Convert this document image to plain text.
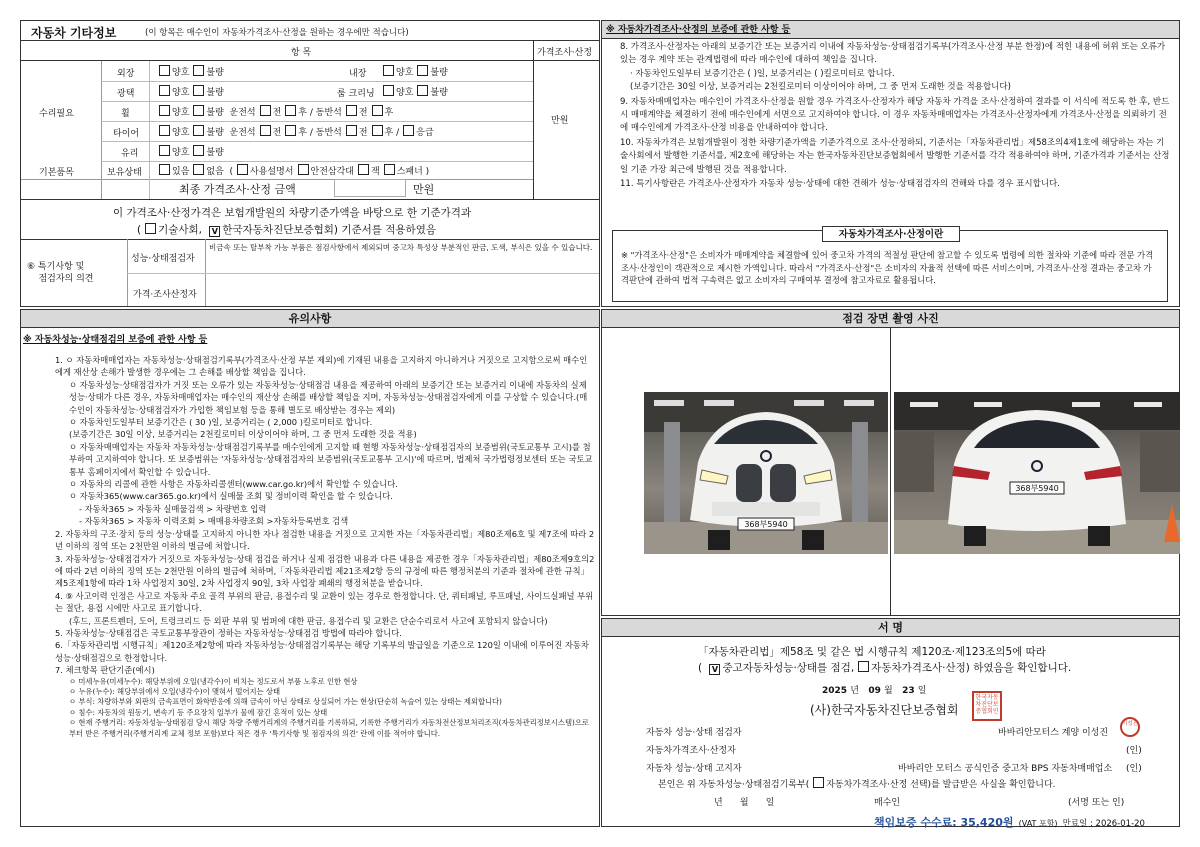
자동차 기타정보	(이 항목은 매수인이 자동차가격조사·산정을 원하는 경우에만 적습니다)
항 목	가격조사·산정
수리필요
만원
외장	양호 불량	내장	양호 불량
광택	양호 불량	룸 크리닝	양호 불량
휠	양호 불량  운전석 전 후 / 동반석 전 후
타이어	양호 불량  운전석 전 후 / 동반석 전 후 / 응급
유리	양호 불량
기본품목	보유상태	있음 없음  ( 사용설명서 안전삼각대 잭 스패너 )
최종 가격조사·산정 금액	만원
이 가격조사·산정가격은 보험개발원의 차량기준가액을 바탕으로 한 기준가격과
( 기술사회, V 한국자동차진단보증협회) 기준서를 적용하였음
⑥ 특기사항 및
점검자의 의견
성능·상태점검자
비금속 또는 탈부착 가능 부품은 점검사항에서 제외되며 중고차 특성상 부분적인 판금, 도색, 부식은 있을 수 있습니다.
가격·조사산정자
※ 자동차가격조사·산정의 보증에 관한 사항 등

8. 가격조사·산정자는 아래의 보증기간 또는 보증거리 이내에 자동차성능·상태점검기록부(가격조사·산정 부분 한정)에 적힌 내용에 허위 또는 오류가 있는 경우 계약 또는 관계법령에 따라 매수인에 대하여 책임을 집니다.

· 자동차인도일부터 보증기간은 ( )일, 보증거리는 ( )킬로미터로 합니다.

(보증기간은 30일 이상, 보증거리는 2천킬로미터 이상이어야 하며, 그 중 먼저 도래한 것을 적용합니다)

9. 자동차매매업자는 매수인이 가격조사·산정을 원할 경우 가격조사·산정자가 해당 자동차 가격을 조사·산정하여 결과를 이 서식에 적도록 한 후, 반드시 매매계약을 체결하기 전에 매수인에게 서면으로 고지하여야 합니다. 이 경우 자동차매매업자는 가격조사·산정자에게 가격조사·산정을 의뢰하기 전에 매수인에게 가격조사·산정 비용을 안내하여야 합니다.

10. 자동차가격은 보험개발원이 정한 차량기준가액을 기준가격으로 조사·산정하되, 기준서는「자동차관리법」제58조의4제1호에 해당하는 자는 기술사회에서 발행한 기준서를, 제2호에 해당하는 자는 한국자동차진단보증협회에서 발행한 기준서를 각각 적용하여야 하며, 기준가격과 기준서는 산정일 기준 가장 최근에 발행된 것을 적용합니다.

11. 특기사항란은 가격조사·산정자가 자동차 성능·상태에 대한 견해가 성능·상태점검자의 견해와 다를 경우 표시합니다.

자동차가격조사·산정이란

※ "가격조사·산정"은 소비자가 매매계약을 체결함에 있어 중고차 가격의 적절성 판단에 참고할 수 있도록 법령에 의한 절차와 기준에 따라 전문 가격조사·산정인이 객관적으로 제시한 가액입니다. 따라서 "가격조사·산정"은 소비자의 자율적 선택에 따른 서비스이며, 가격조사·산정 결과는 중고차 가격판단에 관하여 법적 구속력은 없고 소비자의 구매여부 결정에 참고자료로 활용됩니다.

유의사항

※ 자동차성능·상태점검의 보증에 관한 사항 등

1. ㅇ 자동차매매업자는 자동차성능·상태점검기록부(가격조사·산정 부분 제외)에 기재된 내용을 고지하지 아니하거나 거짓으로 고지함으로써 매수인에게 재산상 손해가 발생한 경우에는 그 손해를 배상할 책임을 집니다.

ㅇ 자동차성능·상태점검자가 거짓 또는 오류가 있는 자동차성능·상태점검 내용을 제공하여 아래의 보증기간 또는 보증거리 이내에 자동차의 실제 성능·상태가 다른 경우, 자동차매매업자는 매수인의 재산상 손해를 배상할 책임을 지며, 자동차성능·상태점검자에게 이를 구상할 수 있습니다.(매수인이 자동차성능·상태점검자가 가입한 책임보험 등을 통해 별도로 배상받는 경우는 제외)

ㅇ 자동차인도일부터 보증기간은 ( 30 )일, 보증거리는 ( 2,000 )킬로미터로 합니다.

(보증기간은 30일 이상, 보증거리는 2천킬로미터 이상이어야 하며, 그 중 먼저 도래한 것을 적용)

ㅇ 자동차매매업자는 자동차 자동차성능·상태점검기록부를 매수인에게 고지할 때 현행 자동차성능·상태점검자의 보증범위(국토교통부 고시)를 첨부하여 고지하여야 합니다. 또 보증범위는 '자동차성능·상태점검자의 보증범위(국토교통부 고시)'에 따르며, 법제처 국가법령정보센터 또는 국토교통부 홈페이지에서 확인할 수 있습니다.

ㅇ 자동차의 리콜에 관한 사항은 자동차리콜센터(www.car.go.kr)에서 확인할 수 있습니다.

ㅇ 자동차365(www.car365.go.kr)에서 실매물 조회 및 정비이력 확인을 할 수 있습니다.

- 자동차365 > 자동차 실매물검색 > 차량번호 입력

- 자동차365 > 자동차 이력조회 > 매매용차량조회 >자동차등록번호 검색

2. 자동차의 구조·장치 등의 성능·상태를 고지하지 아니한 자나 점검한 내용을 거짓으로 고지한 자는「자동차관리법」제80조제6호 및 제7조에 따라 2년 이하의 징역 또는 2천만원 이하의 벌금에 처합니다.

3. 자동차성능·상태점검자가 거짓으로 자동차성능·상태 점검을 하거나 실제 점검한 내용과 다른 내용을 제공한 경우「자동차관리법」제80조제9호의2에 따라 2년 이하의 징역 또는 2천만원 이하의 벌금에 처하며,「자동차관리법 제21조제2항 등의 규정에 따른 행정처분의 기준과 절차에 관한 규칙」제5조제1항에 따라 1차 사업정지 30일, 2차 사업정지 90일, 3차 사업장 폐쇄의 행정처분을 받습니다.

4. ⑨ 사고이력 인정은 사고로 자동차 주요 골격 부위의 판금, 용접수리 및 교환이 있는 경우로 한정합니다. 단, 쿼터패널, 루프패널, 사이드실패널 부위는 절단, 용접 시에만 사고로 표기합니다.

(후드, 프론트펜더, 도어, 트렁크리드 등 외판 부위 및 범퍼에 대한 판금, 용접수리 및 교환은 단순수리로서 사고에 포함되지 않습니다)

5. 자동차성능·상태점검은 국토교통부장관이 정하는 자동차성능·상태점검 방법에 따라야 합니다.

6.「자동차관리법 시행규칙」제120조제2항에 따라 자동차성능·상태점검기록부는 해당 기록부의 발급일을 기준으로 120일 이내에 이루어진 자동차 성능·상태점검으로 한정합니다.

7. 체크항목 판단기준(예시)

ㅇ 미세누유(미세누수): 해당부위에 오일(냉각수)이 비치는 정도로서 부품 노후로 인한 현상

ㅇ 누유(누수): 해당부위에서 오일(냉각수)이 맺혀서 떨어지는 상태

ㅇ 부식: 차량하부와 외판의 금속표면이 화학반응에 의해 금속이 아닌 상태로 상실되어 가는 현상(단순히 녹슬어 있는 상태는 제외합니다)

ㅇ 침수: 자동차의 원동기, 변속기 등 주요장치 일부가 물에 잠긴 흔적이 있는 상태

ㅇ 현재 주행거리: 자동차성능·상태점검 당시 해당 차량 주행거리계의 주행거리를 기록하되, 기록한 주행거리가 자동차전산정보처리조직(자동차관리정보시스템)으로부터 받은 주행거리(주행거리계 교체 정보 포함)보다 적은 경우 '특기사항 및 점검자의 의견' 란에 이를 적어야 합니다.

점검 장면 촬영 사진
368부5940
368부5940
서 명

「자동차관리법」제58조 및 같은 법 시행규칙 제120조·제123조의5에 따라

( V 중고자동차성능·상태를 점검, 자동차가격조사·산정) 하였음을 확인합니다.

2025 년 09 월 23 일

(사)한국자동차진단보증협회

한국자동차진단보증협회인

자동차 성능·상태 점검자	바바리안모터스 계양 이성진

이성진

자동차가격조사·산정자	(인)

자동차 성능·상태 고지자	바바리안 모터스 공식인증 중고차 BPS 자동차매매업소 (인)

본인은 위 자동차성능·상태점검기록부( 자동차가격조사·산정 선택)를 발급받은 사실을 확인합니다.

년      월      일	매수인	(서명 또는 인)

책임보증 수수료: 35,420원 (VAT 포함) 만료일 : 2026-01-20
